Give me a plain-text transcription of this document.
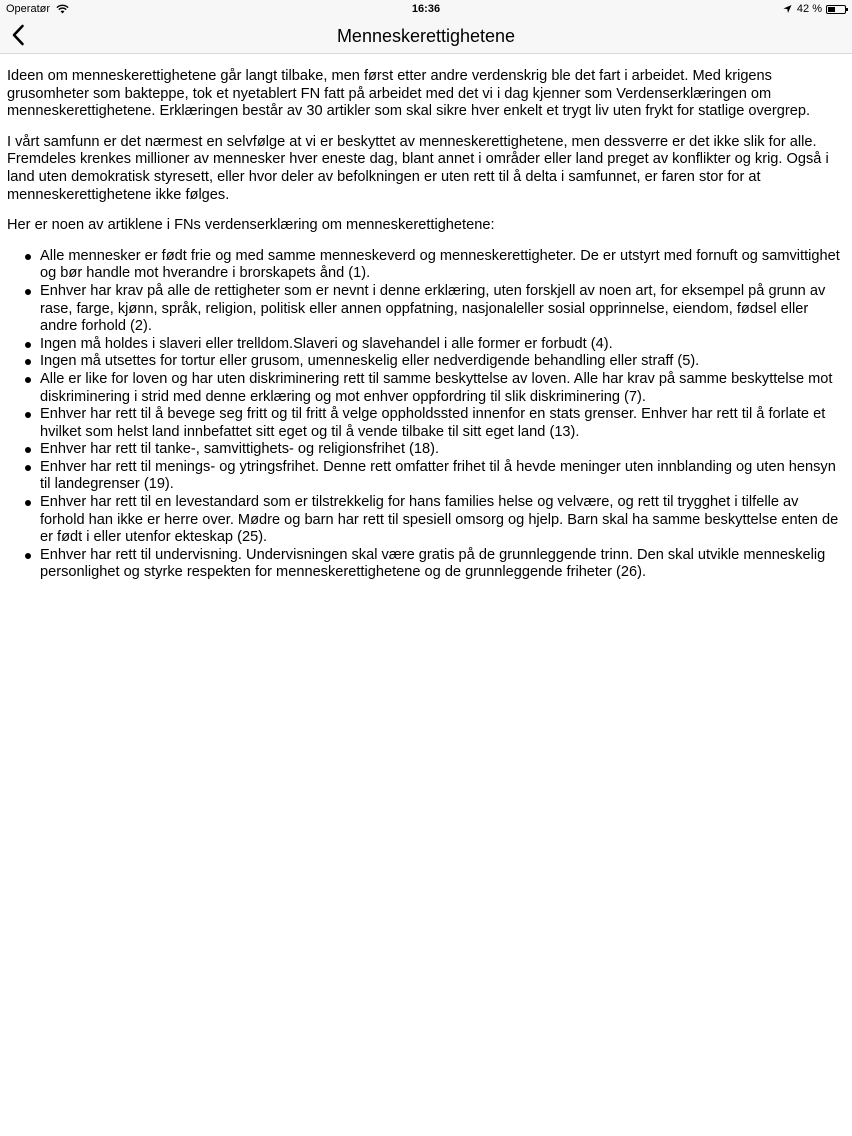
Operatør	16:36	42 %
Menneskerettighetene

Ideen om menneskerettighetene går langt tilbake, men først etter andre verdenskrig ble det fart i arbeidet. Med krigens grusomheter som bakteppe, tok et nyetablert FN fatt på arbeidet med det vi i dag kjenner som Verdenserklæringen om menneskerettighetene. Erklæringen består av 30 artikler som skal sikre hver enkelt et trygt liv uten frykt for statlige overgrep.

I vårt samfunn er det nærmest en selvfølge at vi er beskyttet av menneskerettighetene, men dessverre er det ikke slik for alle. Fremdeles krenkes millioner av mennesker hver eneste dag, blant annet i områder eller land preget av konflikter og krig. Også i land uten demokratisk styresett, eller hvor deler av befolkningen er uten rett til å delta i samfunnet, er faren stor for at menneskerettighetene ikke følges.

Her er noen av artiklene i FNs verdenserklæring om menneskerettighetene:

Alle mennesker er født frie og med samme menneskeverd og menneskerettigheter. De er utstyrt med fornuft og samvittighet og bør handle mot hverandre i brorskapets ånd (1).
Enhver har krav på alle de rettigheter som er nevnt i denne erklæring, uten forskjell av noen art, for eksempel på grunn av rase, farge, kjønn, språk, religion, politisk eller annen oppfatning, nasjonaleller sosial opprinnelse, eiendom, fødsel eller andre forhold (2).
Ingen må holdes i slaveri eller trelldom.Slaveri og slavehandel i alle former er forbudt (4).
Ingen må utsettes for tortur eller grusom, umenneskelig eller nedverdigende behandling eller straff (5).
Alle er like for loven og har uten diskriminering rett til samme beskyttelse av loven. Alle har krav på samme beskyttelse mot diskriminering i strid med denne erklæring og mot enhver oppfordring til slik diskriminering (7).
Enhver har rett til å bevege seg fritt og til fritt å velge oppholdssted innenfor en stats grenser. Enhver har rett til å forlate et hvilket som helst land innbefattet sitt eget og til å vende tilbake til sitt eget land (13).
Enhver har rett til tanke-, samvittighets- og religionsfrihet (18).
Enhver har rett til menings- og ytringsfrihet. Denne rett omfatter frihet til å hevde meninger uten innblanding og uten hensyn til landegrenser (19).
Enhver har rett til en levestandard som er tilstrekkelig for hans families helse og velvære, og rett til trygghet i tilfelle av forhold han ikke er herre over. Mødre og barn har rett til spesiell omsorg og hjelp. Barn skal ha samme beskyttelse enten de er født i eller utenfor ekteskap (25).
Enhver har rett til undervisning. Undervisningen skal være gratis på de grunnleggende trinn. Den skal utvikle menneskelig personlighet og styrke respekten for menneskerettighetene og de grunnleggende friheter (26).
